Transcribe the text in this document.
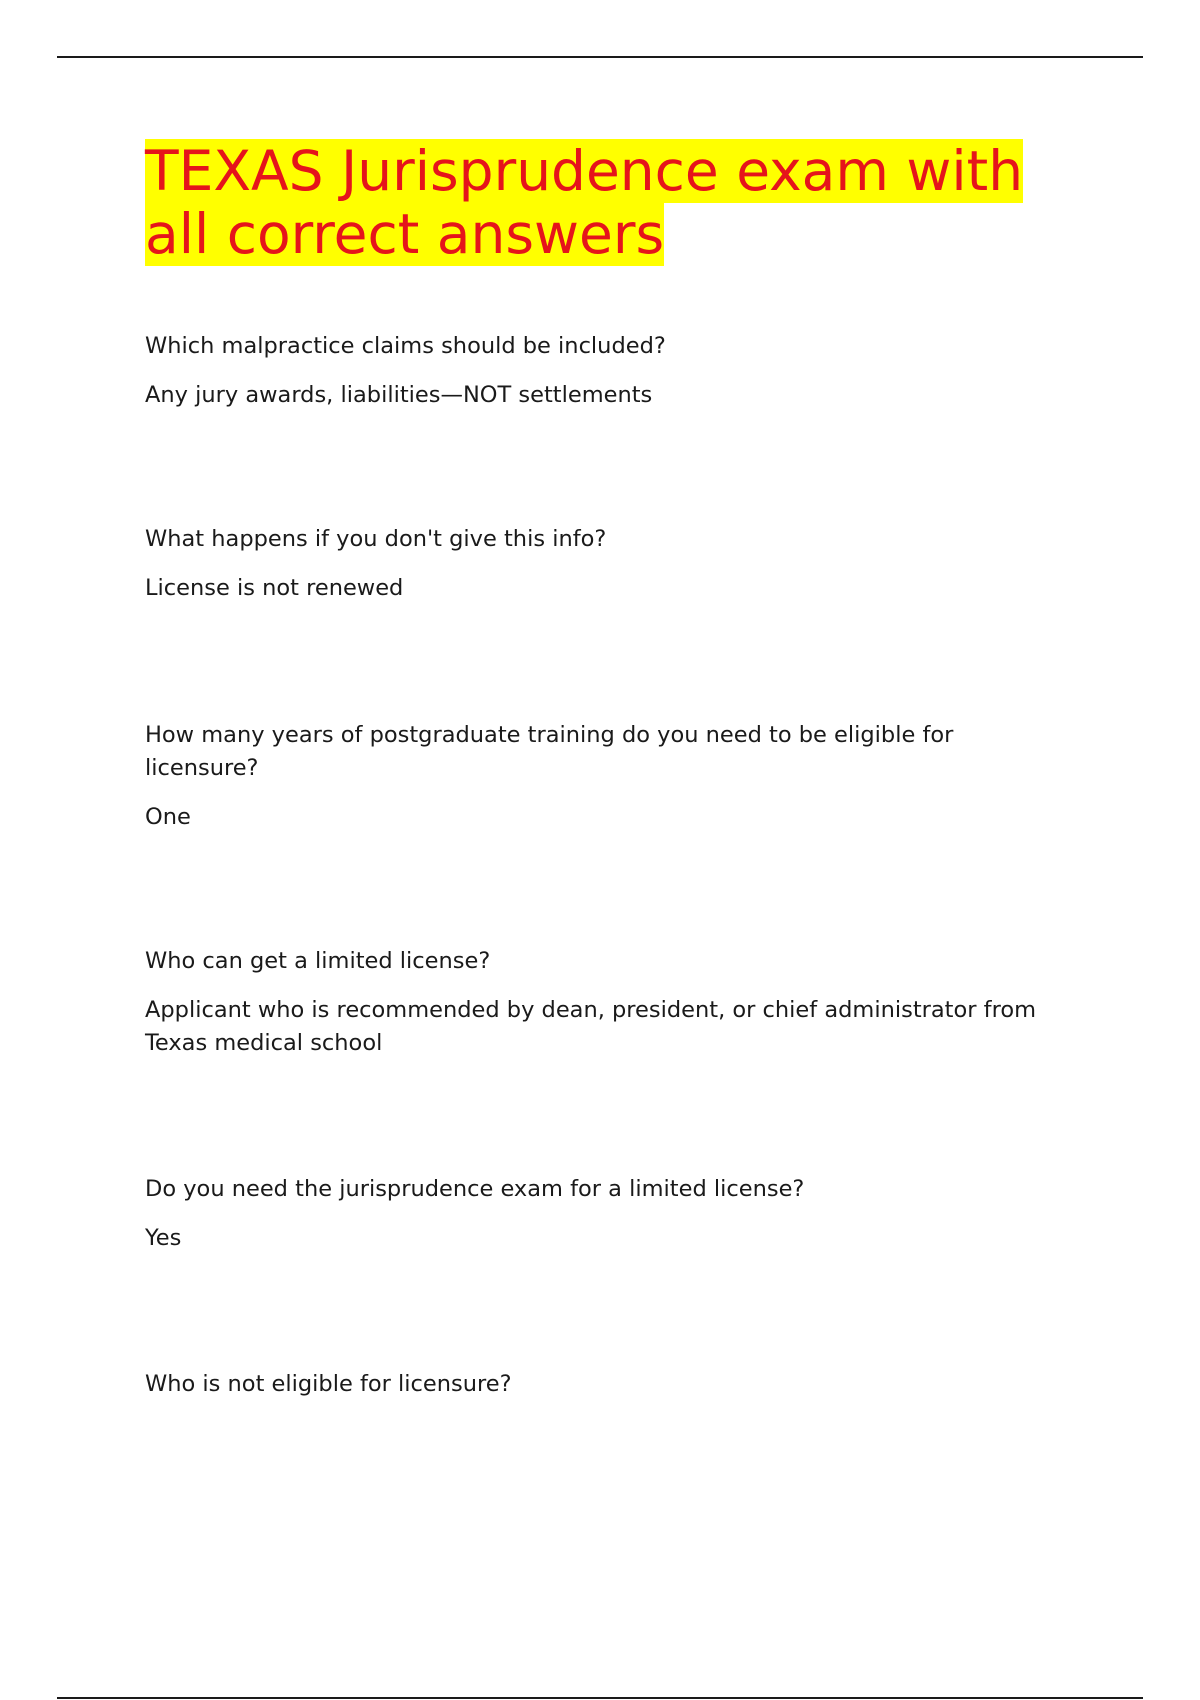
TEXAS Jurisprudence exam with all correct answers

Which malpractice claims should be included?

Any jury awards, liabilities—NOT settlements

What happens if you don't give this info?

License is not renewed

How many years of postgraduate training do you need to be eligible for licensure?

One

Who can get a limited license?

Applicant who is recommended by dean, president, or chief administrator from Texas medical school

Do you need the jurisprudence exam for a limited license?

Yes

Who is not eligible for licensure?
